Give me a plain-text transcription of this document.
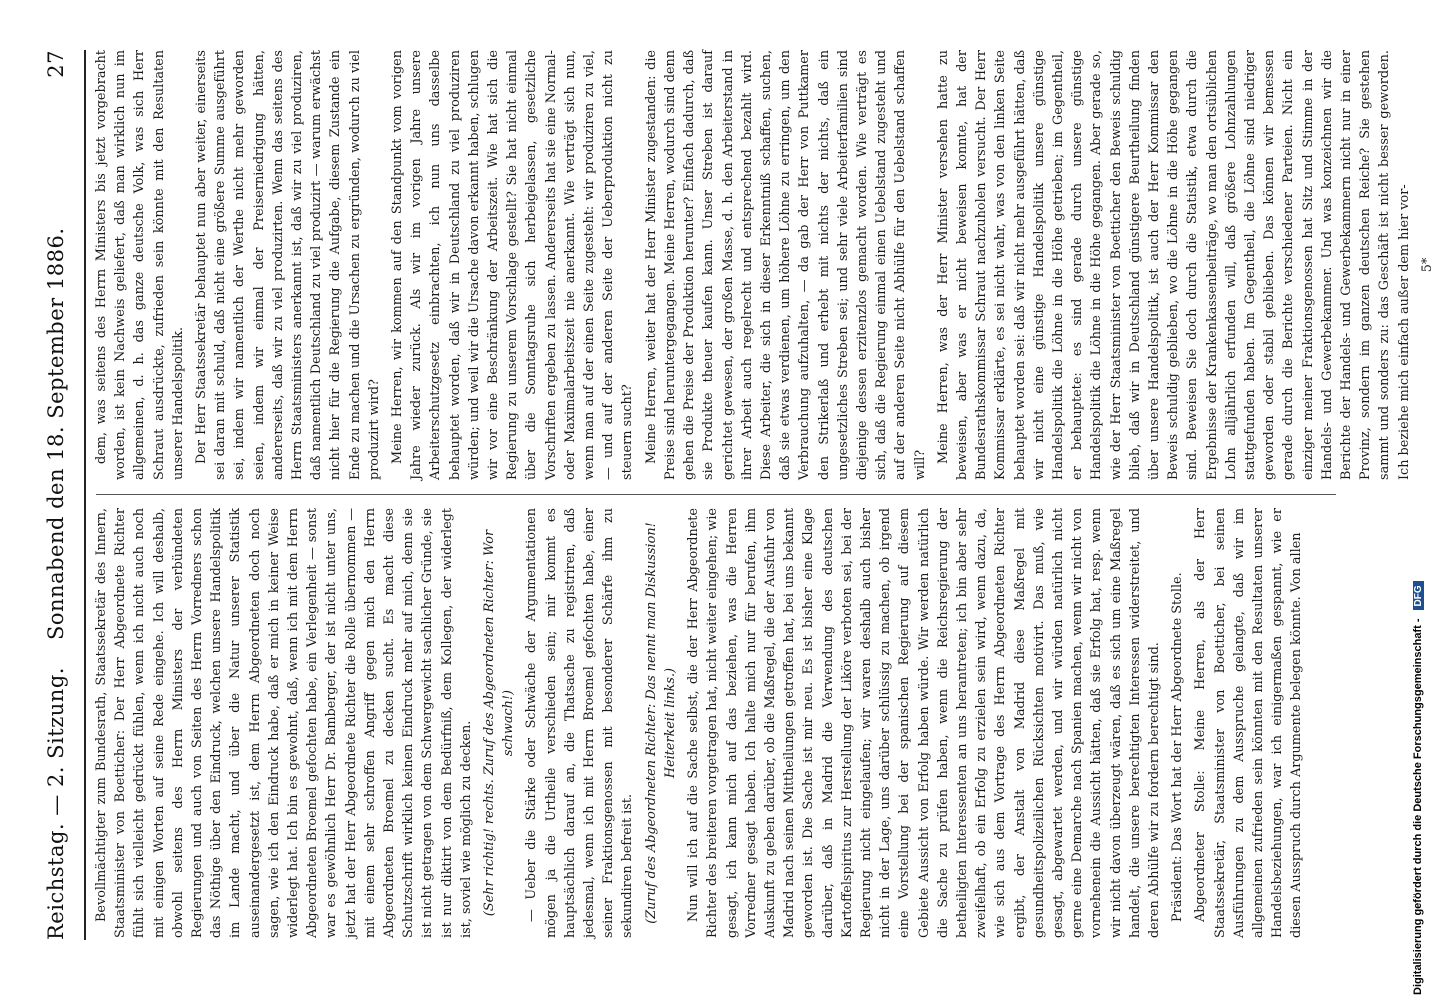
Reichstag. — 2. Sitzung.
Sonnabend den 18. September 1886.
27

Bevollmächtigter zum Bundesrath, Staatssekretär des Innern, Staatsminister von Boetticher: Der Herr Abgeordnete Richter fühlt sich vielleicht gedrückt fühlen, wenn ich nicht auch noch mit einigen Worten auf seine Rede eingehe. Ich will deshalb, obwohl seitens des Herrn Ministers der verbündeten Regierungen und auch von Seiten des Herrn Vorredners schon das Nöthige über den Eindruck, welchen unsere Handelspolitik im Lande macht, und über die Natur unserer Statistik auseinandergesetzt ist, dem Herrn Abgeordneten doch noch sagen, wie ich den Eindruck habe, daß er mich in keiner Weise widerlegt hat. Ich bin es gewohnt, daß, wenn ich mit dem Herrn Abgeordneten Broemel gefochten habe, ein Verlegenheit — sonst war es gewöhnlich Herr Dr. Bamberger, der ist nicht unter uns, jetzt hat der Herr Abgeordnete Richter die Rolle übernommen — mit einem sehr schroffen Angriff gegen mich den Herrn Abgeordneten Broemel zu decken sucht. Es macht diese Schutzschrift wirklich keinen Eindruck mehr auf mich, denn sie ist nicht getragen von dem Schwergewicht sachlicher Gründe, sie ist nur diktirt von dem Bedürfniß, dem Kollegen, der widerlegt ist, soviel wie möglich zu decken. (Sehr richtig! rechts. Zuruf des Abgeordneten Richter: Wor schwach!) — Ueber die Stärke oder Schwäche der Argumentationen mögen ja die Urtheile verschieden sein; mir kommt es hauptsächlich darauf an, die Thatsache zu registriren, daß jedesmal, wenn ich mit Herrn Broemel gefochten habe, einer seiner Fraktionsgenossen mit besonderer Schärfe ihm zu sekundiren befreit ist. (Zuruf des Abgeordneten Richter: Das nennt man Diskussion! Heiterkeit links.) Nun will ich auf die Sache selbst, die der Herr Abgeordnete Richter des breiteren vorgetragen hat, nicht weiter eingehen; wie gesagt, ich kann mich auf das beziehen, was die Herren Vorredner gesagt haben. Ich halte mich nur für berufen, ihm Auskunft zu geben darüber, ob die Maßregel, die der Ausfuhr von Madrid nach seinen Mittheilungen getroffen hat, bei uns bekannt geworden ist. Die Sache ist mir neu. Es ist bisher eine Klage darüber, daß in Madrid die Verwendung des deutschen Kartoffelspiritus zur Herstellung der Liköre verboten sei, bei der Regierung nicht eingelaufen; wir waren deshalb auch bisher nicht in der Lage, uns darüber schlüssig zu machen, ob irgend eine Vorstellung bei der spanischen Regierung auf diesem Gebiete Aussicht von Erfolg haben würde. Wir werden natürlich die Sache zu prüfen haben, wenn die Reichsregierung der betheiligten Interessenten an uns herantreten; ich bin aber sehr zweifelhaft, ob ein Erfolg zu erzielen sein wird, wenn dazu, da, wie sich aus dem Vortrage des Herrn Abgeordneten Richter ergibt, der Anstalt von Madrid diese Maßregel mit gesundheitspolizeilichen Rücksichten motivirt. Das muß, wie gesagt, abgewartet werden, und wir würden natürlich nicht gerne eine Demarche nach Spanien machen, wenn wir nicht von vornehenein die Aussicht hätten, daß sie Erfolg hat, resp. wenn wir nicht davon überzeugt wären, daß es sich um eine Maßregel handelt, die unsere berechtigten Interessen widerstreitet, und deren Abhülfe wir zu fordern berechtigt sind. Präsident: Das Wort hat der Herr Abgeordnete Stolle. Abgeordneter Stolle: Meine Herren, als der Herr Staatssekretär, Staatsminister von Boetticher, bei seinen Ausführungen zu dem Ausspruche gelangte, daß wir im allgemeinen zufrieden sein könnten mit den Resultaten unserer Handelsbeziehungen, war ich einigermaßen gespannt, wie er diesen Ausspruch durch Argumente belegen könnte. Von allen

dem, was seitens des Herrn Ministers bis jetzt vorgebracht worden, ist kein Nachweis geliefert, daß man wirklich nun im allgemeinen, d. h. das ganze deutsche Volk, was sich Herr Schraut ausdrückte, zufrieden sein könnte mit den Resultaten unserer Handelspolitik. Der Herr Staatssekretär behauptet nun aber weiter, einerseits sei daran mit schuld, daß nicht eine größere Summe ausgeführt sei, indem wir namentlich der Werthe nicht mehr geworden seien, indem wir einmal der Preiserniedrigung hätten, andererseits, daß wir zu viel produzirten. Wenn das seitens des Herrn Staatsministers anerkannt ist, daß wir zu viel produziren, daß namentlich Deutschland zu viel produzirt — warum erwächst nicht hier für die Regierung die Aufgabe, diesem Zustande ein Ende zu machen und die Ursachen zu ergründen, wodurch zu viel produzirt wird? Meine Herren, wir kommen auf den Standpunkt vom vorigen Jahre wieder zurück. Als wir im vorigen Jahre unsere Arbeiterschutzgesetz einbrachten, ich nun uns dasselbe behauptet worden, daß wir in Deutschland zu viel produziren würden; und weil wir die Ursache davon erkannt haben, schlugen wir vor eine Beschränkung der Arbeitszeit. Wie hat sich die Regierung zu unserem Vorschlage gestellt? Sie hat nicht einmal über die Sonntagsruhe sich herbeigelassen, gesetzliche Vorschriften ergeben zu lassen. Andererseits hat sie eine Normal- oder Maximalarbeitszeit nie anerkannt. Wie verträgt sich nun, wenn man auf der einen Seite zugesteht: wir produziren zu viel, — und auf der anderen Seite der Ueberproduktion nicht zu steuern sucht? Meine Herren, weiter hat der Herr Minister zugestanden: die Preise sind heruntergegangen. Meine Herren, wodurch sind denn gehen die Preise der Produktion herunter? Einfach dadurch, daß sie Produkte theuer kaufen kann. Unser Streben ist darauf gerichtet gewesen, der großen Masse, d. h. den Arbeiterstand in ihrer Arbeit auch regelrecht und entsprechend bezahlt wird. Diese Arbeiter, die sich in dieser Erkenntniß schaffen, suchen, daß sie etwas verdienen, um höhere Löhne zu erringen, um den Verbrauchung aufzuhalten, — da gab der Herr von Puttkamer den Strikerlaß und erhebt mit nichts der nichts, daß ein ungesetzliches Streben sei; und sehr viele Arbeiterfamilien sind diejenige dessen erzitenzlos gemacht worden. Wie verträgt es sich, daß die Regierung einmal einen Uebelstand zugesteht und auf der anderen Seite nicht Abhülfe für den Uebelstand schaffen will?

Meine Herren, was der Herr Minister versehen hatte zu beweisen, aber was er nicht beweisen konnte, hat der Bundesrathskommissar Schraut nachzuholen versucht. Der Herr Kommissar erklärte, es sei nicht wahr, was von den linken Seite behauptet worden sei: daß wir nicht mehr ausgeführt hätten, daß wir nicht eine günstige Handelspolitik unsere günstige Handelspolitik die Löhne in die Höhe getrieben; im Gegentheil, er behauptete: es sind gerade durch unsere günstige Handelspolitik die Löhne in die Höhe gegangen. Aber gerade so, wie der Herr Staatsminister von Boetticher den Beweis schuldig blieb, daß wir in Deutschland günstigere Beurtheilung finden über unsere Handelspolitik, ist auch der Herr Kommissar den Beweis schuldig geblieben, wo die Löhne in die Höhe gegangen sind. Beweisen Sie doch durch die Statistik, etwa durch die Ergebnisse der Krankenkassenbeiträge, wo man den ortsüblichen Lohn alljährlich erfunden will, daß größere Lohnzahlungen stattgefunden haben. Im Gegentheil, die Löhne sind niedriger geworden oder stabil geblieben. Das können wir bemessen gerade durch die Berichte verschiedener Parteien. Nicht ein einziger meiner Fraktionsgenossen hat Sitz und Stimme in der Handels- und Gewerbekammer. Und was konzeichnen wir die Berichte der Handels- und Gewerbekammern nicht nur in einer Provinz, sondern im ganzen deutschen Reiche? Sie gestehen sammt und sonders zu: das Geschäft ist nicht besser geworden. Ich beziehe mich einfach außer dem hier vor- 5*

Digitalisierung gefördert durch die Deutsche Forschungsgemeinschaft -DFG
